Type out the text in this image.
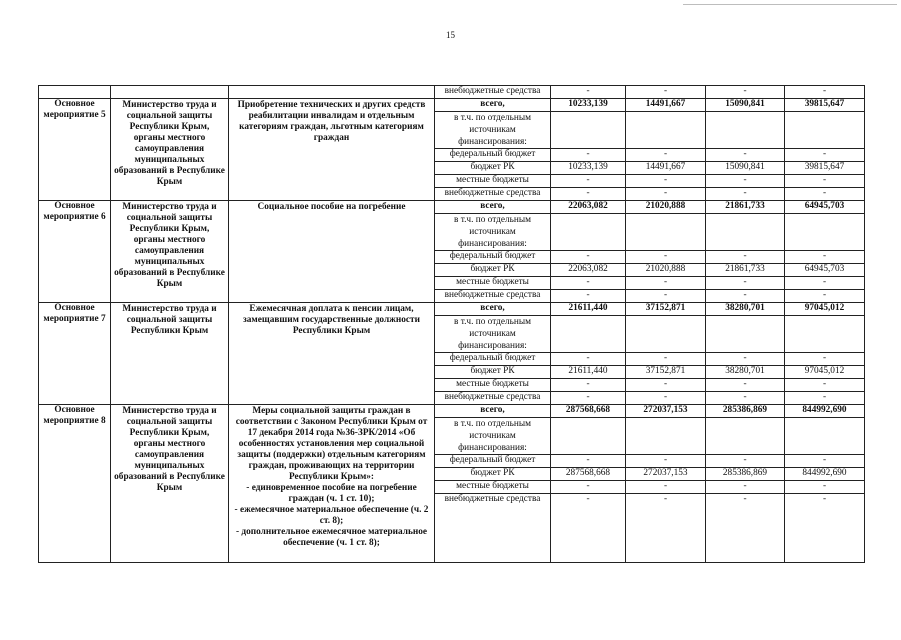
15
			внебюджетные средства	-	-	-	-
Основное мероприятие 5	Министерство труда и социальной защиты Республики Крым, органы местного самоуправления муниципальных образований в Республике Крым	Приобретение технических и других средств реабилитации инвалидам и отдельным категориям граждан, льготным категориям граждан	всего,	10233,139	14491,667	15090,841	39815,647
			в т.ч. по отдельным источникам финансирования:				
			федеральный бюджет	-	-	-	-
			бюджет РК	10233,139	14491,667	15090,841	39815,647
			местные бюджеты	-	-	-	-
			внебюджетные средства	-	-	-	-
Основное мероприятие 6	Министерство труда и социальной защиты Республики Крым, органы местного самоуправления муниципальных образований в Республике Крым	Социальное пособие на погребение	всего,	22063,082	21020,888	21861,733	64945,703
			в т.ч. по отдельным источникам финансирования:				
			федеральный бюджет	-	-	-	-
			бюджет РК	22063,082	21020,888	21861,733	64945,703
			местные бюджеты	-	-	-	-
			внебюджетные средства	-	-	-	-
Основное мероприятие 7	Министерство труда и социальной защиты Республики Крым	Ежемесячная доплата к пенсии лицам, замещавшим государственные должности Республики Крым	всего,	21611,440	37152,871	38280,701	97045,012
			в т.ч. по отдельным источникам финансирования:				
			федеральный бюджет	-	-	-	-
			бюджет РК	21611,440	37152,871	38280,701	97045,012
			местные бюджеты	-	-	-	-
			внебюджетные средства	-	-	-	-
Основное мероприятие 8	Министерство труда и социальной защиты Республики Крым, органы местного самоуправления муниципальных образований в Республике Крым	Меры социальной защиты граждан в соответствии с Законом Республики Крым от 17 декабря 2014 года №36-ЗРК/2014 «Об особенностях установления мер социальной защиты (поддержки) отдельным категориям граждан, проживающих на территории Республики Крым»:
- единовременное пособие на погребение граждан (ч. 1 ст. 10);
- ежемесячное материальное обеспечение (ч. 2 ст. 8);
- дополнительное ежемесячное материальное обеспечение (ч. 1 ст. 8);	всего,	287568,668	272037,153	285386,869	844992,690
			в т.ч. по отдельным источникам финансирования:				
			федеральный бюджет	-	-	-	-
			бюджет РК	287568,668	272037,153	285386,869	844992,690
			местные бюджеты	-	-	-	-
			внебюджетные средства	-	-	-	-
